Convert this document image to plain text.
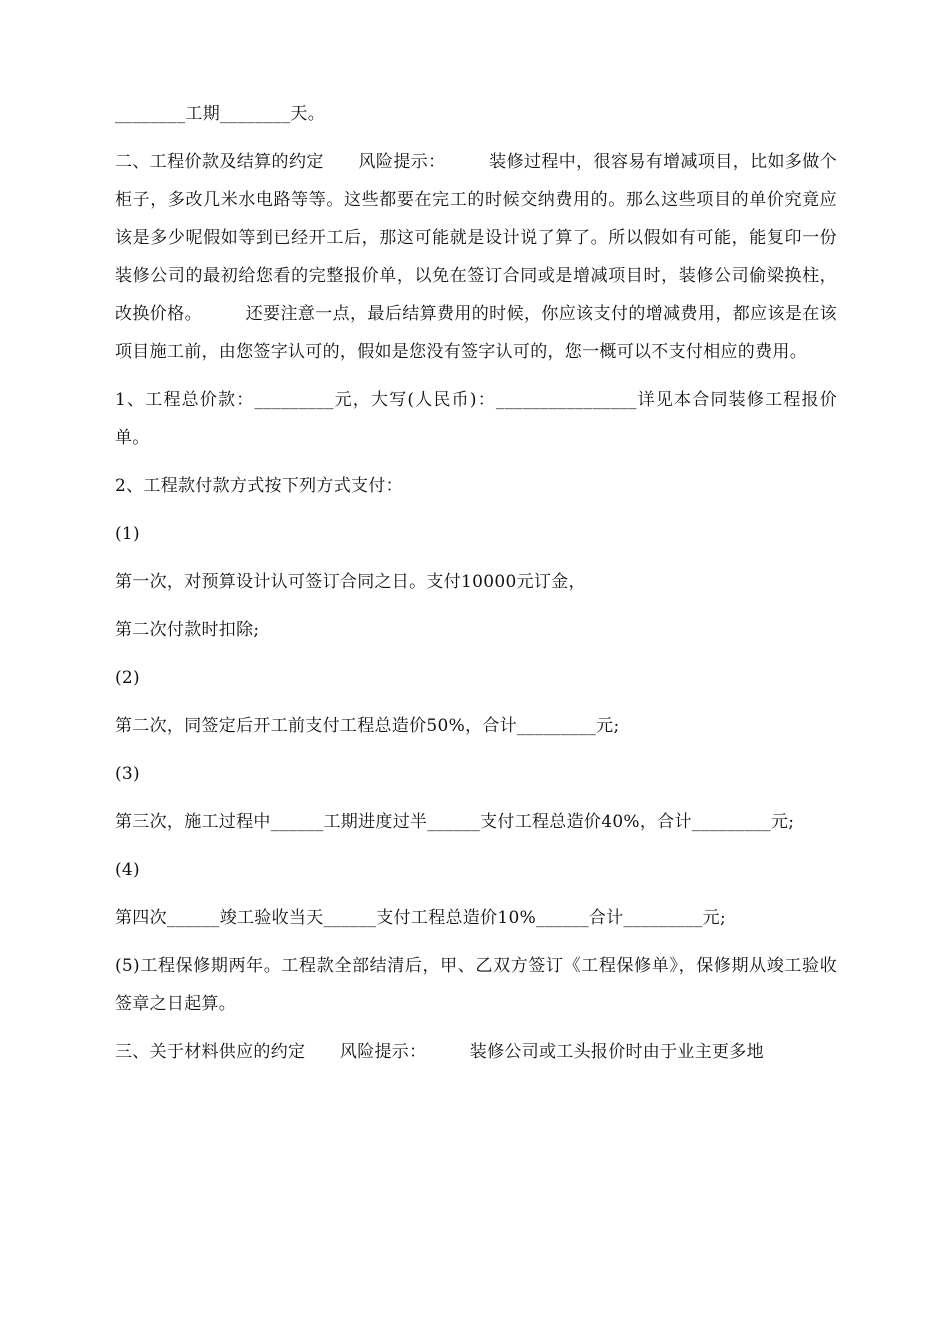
________工期________天。

二、工程价款及结算的约定　　风险提示：　　　装修过程中，很容易有增减项目，比如多做个柜子，多改几米水电路等等。这些都要在完工的时候交纳费用的。那么这些项目的单价究竟应该是多少呢假如等到已经开工后，那这可能就是设计说了算了。所以假如有可能，能复印一份装修公司的最初给您看的完整报价单，以免在签订合同或是增减项目时，装修公司偷梁换柱，改换价格。　　　还要注意一点，最后结算费用的时候，你应该支付的增减费用，都应该是在该项目施工前，由您签字认可的，假如是您没有签字认可的，您一概可以不支付相应的费用。

1、工程总价款：_________元，大写(人民币)：________________详见本合同装修工程报价单。

2、工程款付款方式按下列方式支付：

(1)

第一次，对预算设计认可签订合同之日。支付10000元订金，

第二次付款时扣除;

(2)

第二次，同签定后开工前支付工程总造价50%，合计_________元;

(3)

第三次，施工过程中______工期进度过半______支付工程总造价40%，合计_________元;

(4)

第四次______竣工验收当天______支付工程总造价10%______合计_________元;

(5)工程保修期两年。工程款全部结清后，甲、乙双方签订《工程保修单》，保修期从竣工验收签章之日起算。

三、关于材料供应的约定　　风险提示：　　　装修公司或工头报价时由于业主更多地
